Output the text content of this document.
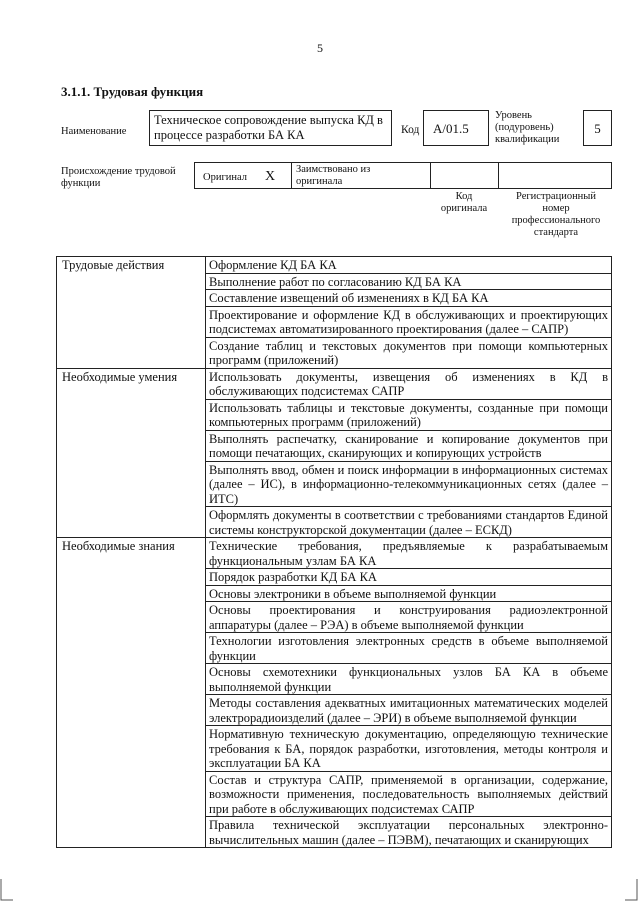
5
3.1.1. Трудовая функция
Наименование
Техническое сопровождение выпуска КД в процессе разработки БА КА	Код A/01.5
Уровень (подуровень) квалификации
5
Происхождение трудовой функции
Оригинал X Заимствовано из оригинала
Код оригинала
Регистрационный номер профессионального стандарта
Трудовые действия	Оформление КД БА КА
	Выполнение работ по согласованию КД БА КА
	Составление извещений об изменениях в КД БА КА
	Проектирование и оформление КД в обслуживающих и проектирующих подсистемах автоматизированного проектирования (далее – САПР)
	Создание таблиц и текстовых документов при помощи компьютерных программ (приложений)
Необходимые умения	Использовать документы, извещения об изменениях в КД в обслуживающих подсистемах САПР
	Использовать таблицы и текстовые документы, созданные при помощи компьютерных программ (приложений)
	Выполнять распечатку, сканирование и копирование документов при помощи печатающих, сканирующих и копирующих устройств
	Выполнять ввод, обмен и поиск информации в информационных системах (далее – ИС), в информационно-телекоммуникационных сетях (далее – ИТС)
	Оформлять документы в соответствии с требованиями стандартов Единой системы конструкторской документации (далее – ЕСКД)
Необходимые знания	Технические требования, предъявляемые к разрабатываемым функциональным узлам БА КА
	Порядок разработки КД БА КА
	Основы электроники в объеме выполняемой функции
	Основы проектирования и конструирования радиоэлектронной аппаратуры (далее – РЭА) в объеме выполняемой функции
	Технологии изготовления электронных средств в объеме выполняемой функции
	Основы схемотехники функциональных узлов БА КА в объеме выполняемой функции
	Методы составления адекватных имитационных математических моделей электрорадиоизделий (далее – ЭРИ) в объеме выполняемой функции
	Нормативную техническую документацию, определяющую технические требования к БА, порядок разработки, изготовления, методы контроля и эксплуатации БА КА
	Состав и структура САПР, применяемой в организации, содержание, возможности применения, последовательность выполняемых действий при работе в обслуживающих подсистемах САПР
	Правила технической эксплуатации персональных электронно-вычислительных машин (далее – ПЭВМ), печатающих и сканирующих
